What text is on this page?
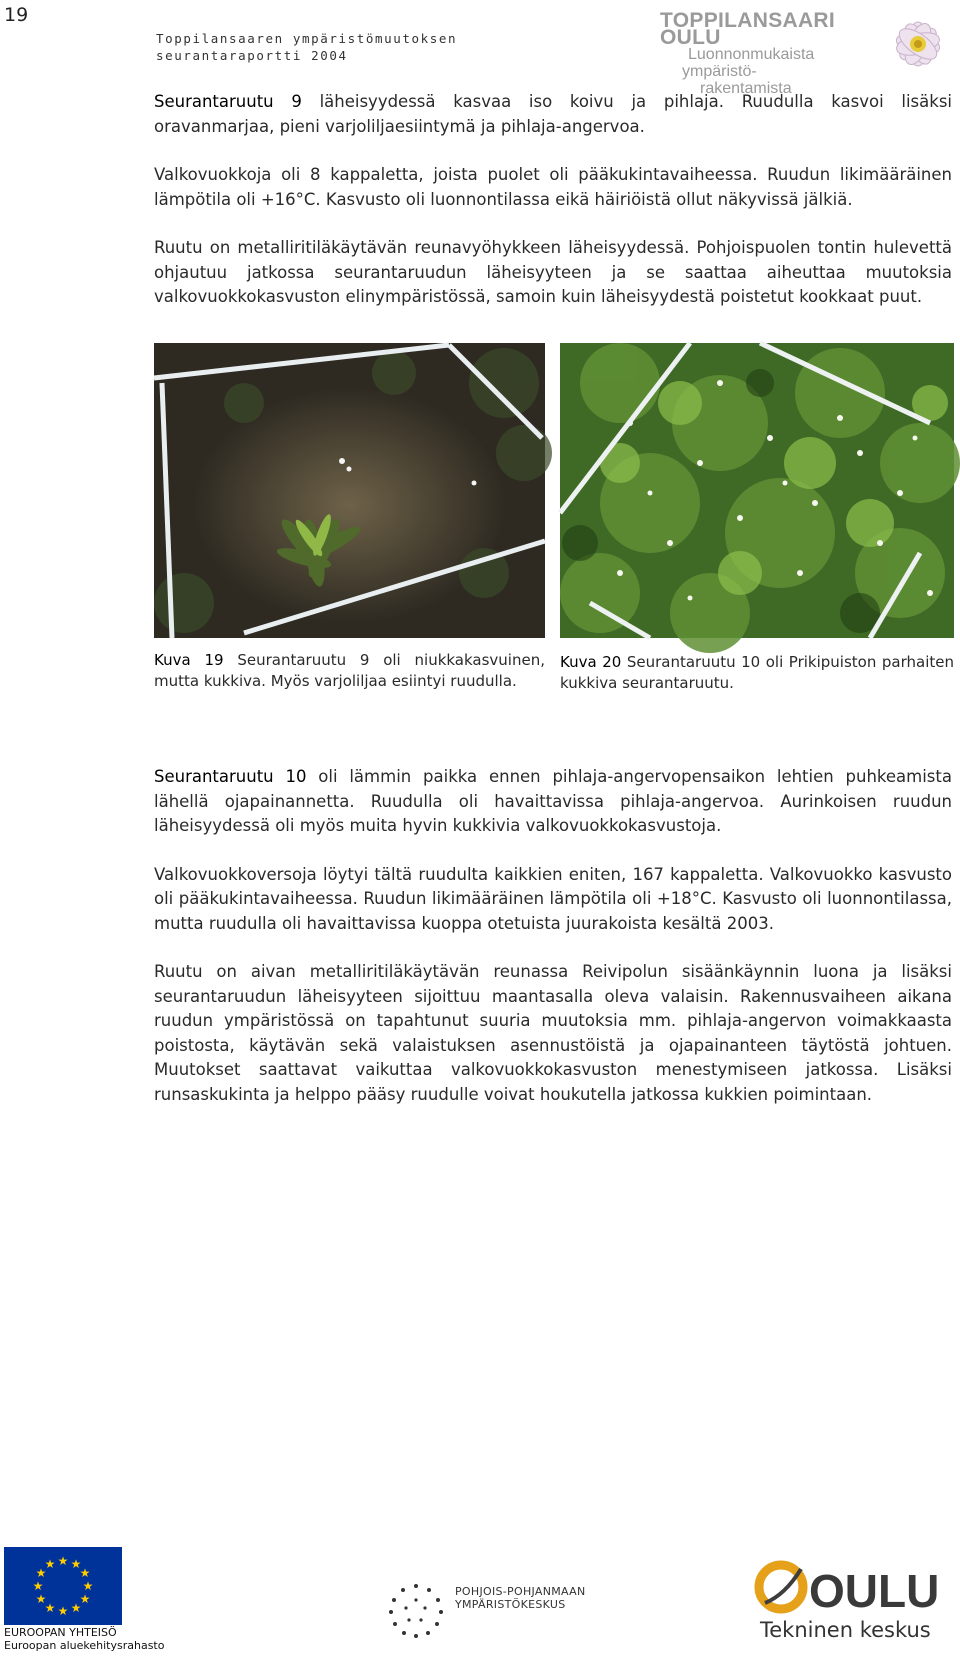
19
Toppilansaaren ympäristömuutoksen
seurantaraportti 2004
TOPPILANSAARI OULU
Luonnonmukaista
ympäristö-
rakentamista

Seurantaruutu 9 läheisyydessä kasvaa iso koivu ja pihlaja. Ruudulla kasvoi lisäksi oravanmarjaa, pieni varjoliljaesiintymä ja pihlaja-angervoa.

Valkovuokkoja oli 8 kappaletta, joista puolet oli pääkukintavaiheessa. Ruudun likimääräinen lämpötila oli +16°C. Kasvusto oli luonnontilassa eikä häiriöistä ollut näkyvissä jälkiä.

Ruutu on metalliritiläkäytävän reunavyöhykkeen läheisyydessä. Pohjoispuolen tontin hulevettä ohjautuu jatkossa seurantaruudun läheisyyteen ja se saattaa aiheuttaa muutoksia valkovuokkokasvuston elinympäristössä, samoin kuin läheisyydestä poistetut kookkaat puut.

Kuva 19 Seurantaruutu 9 oli niukkakasvuinen, mutta kukkiva. Myös varjoliljaa esiintyi ruudulla.
Kuva 20 Seurantaruutu 10 oli Prikipuiston parhaiten kukkiva seurantaruutu.

Seurantaruutu 10 oli lämmin paikka ennen pihlaja-angervopensaikon lehtien puhkeamista lähellä ojapainannetta. Ruudulla oli havaittavissa pihlaja-angervoa. Aurinkoisen ruudun läheisyydessä oli myös muita hyvin kukkivia valkovuokkokasvustoja.

Valkovuokkoversoja löytyi tältä ruudulta kaikkien eniten, 167 kappaletta. Valkovuokko kasvusto oli pääkukintavaiheessa. Ruudun likimääräinen lämpötila oli +18°C. Kasvusto oli luonnontilassa, mutta ruudulla oli havaittavissa kuoppa otetuista juurakoista kesältä 2003.

Ruutu on aivan metalliritiläkäytävän reunassa Reivipolun sisäänkäynnin luona ja lisäksi seurantaruudun läheisyyteen sijoittuu maantasalla oleva valaisin. Rakennusvaiheen aikana ruudun ympäristössä on tapahtunut suuria muutoksia mm. pihlaja-angervon voimakkaasta poistosta, käytävän sekä valaistuksen asennustöistä ja ojapainanteen täytöstä johtuen. Muutokset saattavat vaikuttaa valkovuokkokasvuston menestymiseen jatkossa. Lisäksi runsaskukinta ja helppo pääsy ruudulle voivat houkutella jatkossa kukkien poimintaan.

★ ★
★
★
★
★
★
★
★
★
★
★
EUROOPAN YHTEISÖ
Euroopan aluekehitysrahasto
POHJOIS-POHJANMAAN
YMPÄRISTÖKESKUS	OULU
Tekninen keskus
